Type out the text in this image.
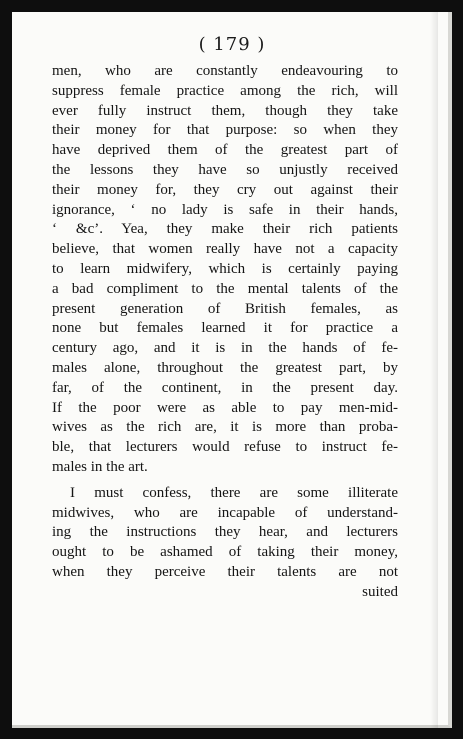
( 179 )
men, who are constantly endeavouring to
suppress female practice among the rich, will
ever fully instruct them, though they take
their money for that purpose: so when they
have deprived them of the greatest part of
the lessons they have so unjustly received
their money for, they cry out against their
ignorance, ‘ no lady is safe in their hands,
‘ &c’. Yea, they make their rich patients
believe, that women really have not a capacity
to learn midwifery, which is certainly paying
a bad compliment to the mental talents of the
present generation of British females, as
none but females learned it for practice a
century ago, and it is in the hands of fe-
males alone, throughout the greatest part, by
far, of the continent, in the present day.
If the poor were as able to pay men-mid-
wives as the rich are, it is more than proba-
ble, that lecturers would refuse to instruct fe-
males in the art.
I must confess, there are some illiterate
midwives, who are incapable of understand-
ing the instructions they hear, and lecturers
ought to be ashamed of taking their money,
when they perceive their talents are not
suited
